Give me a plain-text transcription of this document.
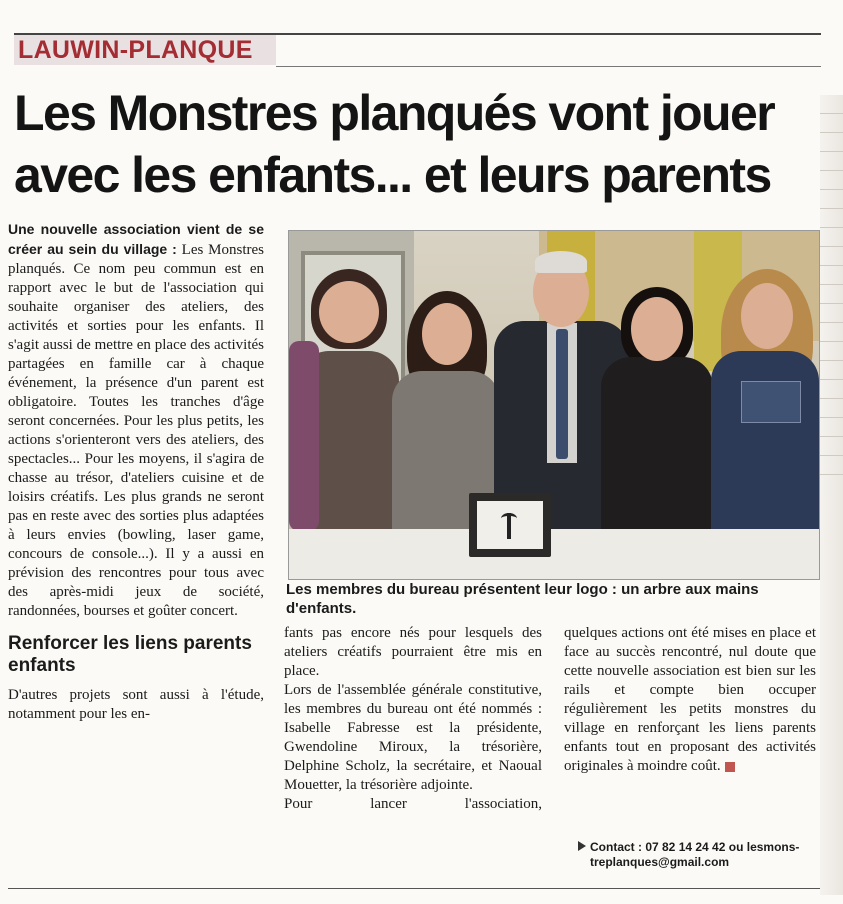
LAUWIN-PLANQUE
Les Monstres planqués vont jouer
avec les enfants... et leurs parents

Une nouvelle association vient de se créer au sein du village : Les Monstres planqués. Ce nom peu commun est en rapport avec le but de l'association qui souhaite organiser des ateliers, des activités et sorties pour les enfants. Il s'agit aussi de mettre en place des activités partagées en famille car à chaque événement, la présence d'un parent est obligatoire. Toutes les tranches d'âge seront concernées. Pour les plus petits, les actions s'orienteront vers des ateliers, des spectacles... Pour les moyens, il s'agira de chasse au trésor, d'ateliers cuisine et de loisirs créatifs. Les plus grands ne seront pas en reste avec des sorties plus adaptées à leurs envies (bowling, laser game, concours de console...). Il y a aussi en prévision des rencontres pour tous avec des après-midi jeux de société, randonnées, bourses et goûter concert.

Renforcer les liens parents enfants

D'autres projets sont aussi à l'étude, notamment pour les en-

Les membres du bureau présentent leur logo : un arbre aux mains d'enfants.

fants pas encore nés pour lesquels des ateliers créatifs pourraient être mis en place.

Lors de l'assemblée générale constitutive, les membres du bureau ont été nommés : Isabelle Fabresse est la présidente, Gwendoline Miroux, la trésorière, Delphine Scholz, la secrétaire, et Naoual Mouetter, la trésorière adjointe.

Pour lancer l'association,

quelques actions ont été mises en place et face au succès rencontré, nul doute que cette nouvelle association est bien sur les rails et compte bien occuper régulièrement les petits monstres du village en renforçant les liens parents enfants tout en proposant des activités originales à moindre coût.

Contact : 07 82 14 24 42 ou lesmons-
treplanques@gmail.com
